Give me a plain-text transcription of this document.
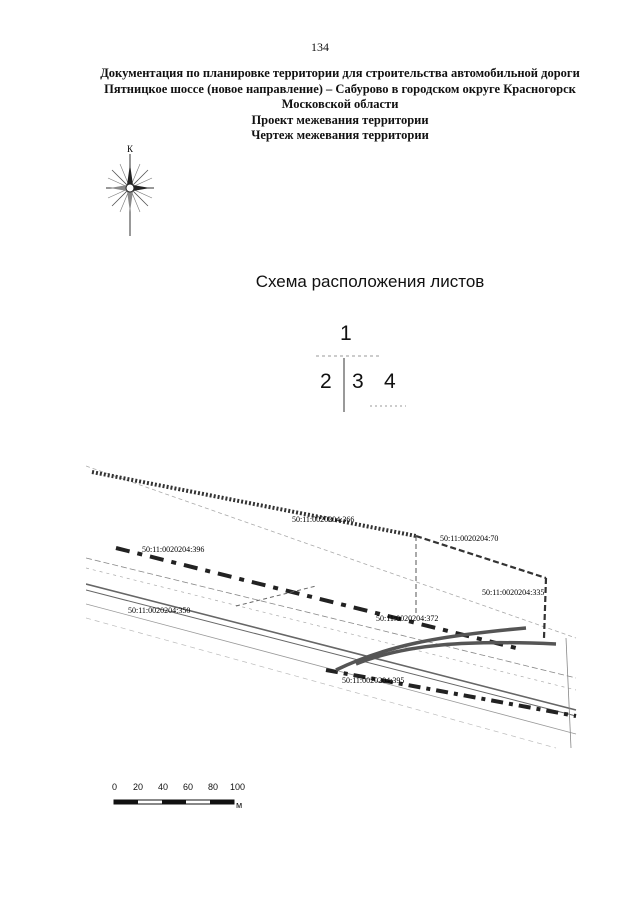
134
Документация по планировке территории для строительства автомобильной дороги
Пятницкое шоссе (новое направление) – Сабурово в городском округе Красногорск
Московской области
Проект межевания территории
Чертеж межевания территории
К
Схема расположения листов
1
2 3 4
50:11:0020204:366
50:11:0020204:70
50:11:0020204:396
50:11:0020204:335
50:11:0020204:350
50:11:0020204:372
50:11:0020204:395
0 20 40 60 80 100
м
